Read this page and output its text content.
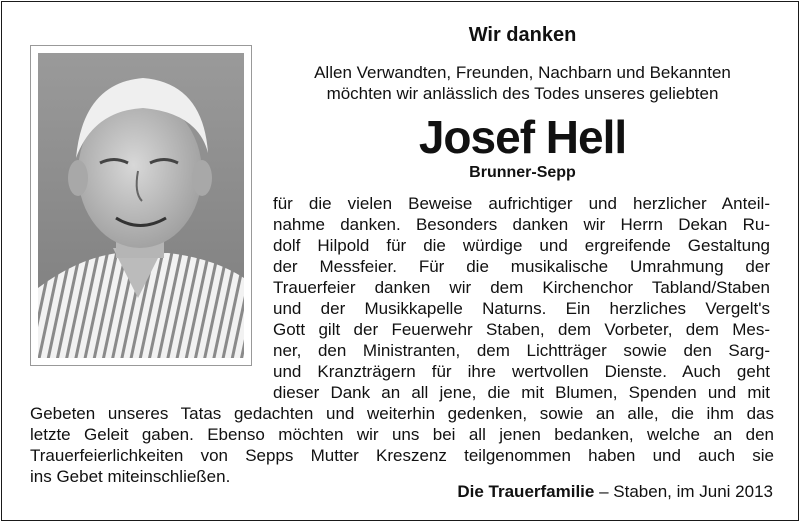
Wir danken
Allen Verwandten, Freunden, Nachbarn und Bekannten
möchten wir anlässlich des Todes unseres geliebten
Josef Hell
Brunner-Sepp
für die vielen Beweise aufrichtiger und herzlicher Anteil-
nahme danken. Besonders danken wir Herrn Dekan Ru-
dolf Hilpold für die würdige und ergreifende Gestaltung
der Messfeier. Für die musikalische Umrahmung der
Trauerfeier danken wir dem Kirchenchor Tabland/Staben
und der Musikkapelle Naturns. Ein herzliches Vergelt's
Gott gilt der Feuerwehr Staben, dem Vorbeter, dem Mes-
ner, den Ministranten, dem Lichtträger sowie den Sarg-
und Kranzträgern für ihre wertvollen Dienste. Auch geht
dieser Dank an all jene, die mit Blumen, Spenden und mit
Gebeten unseres Tatas gedachten und weiterhin gedenken, sowie an alle, die ihm das
letzte Geleit gaben. Ebenso möchten wir uns bei all jenen bedanken, welche an den
Trauerfeierlichkeiten von Sepps Mutter Kreszenz teilgenommen haben und auch sie
ins Gebet miteinschließen.
Die Trauerfamilie – Staben, im Juni 2013
